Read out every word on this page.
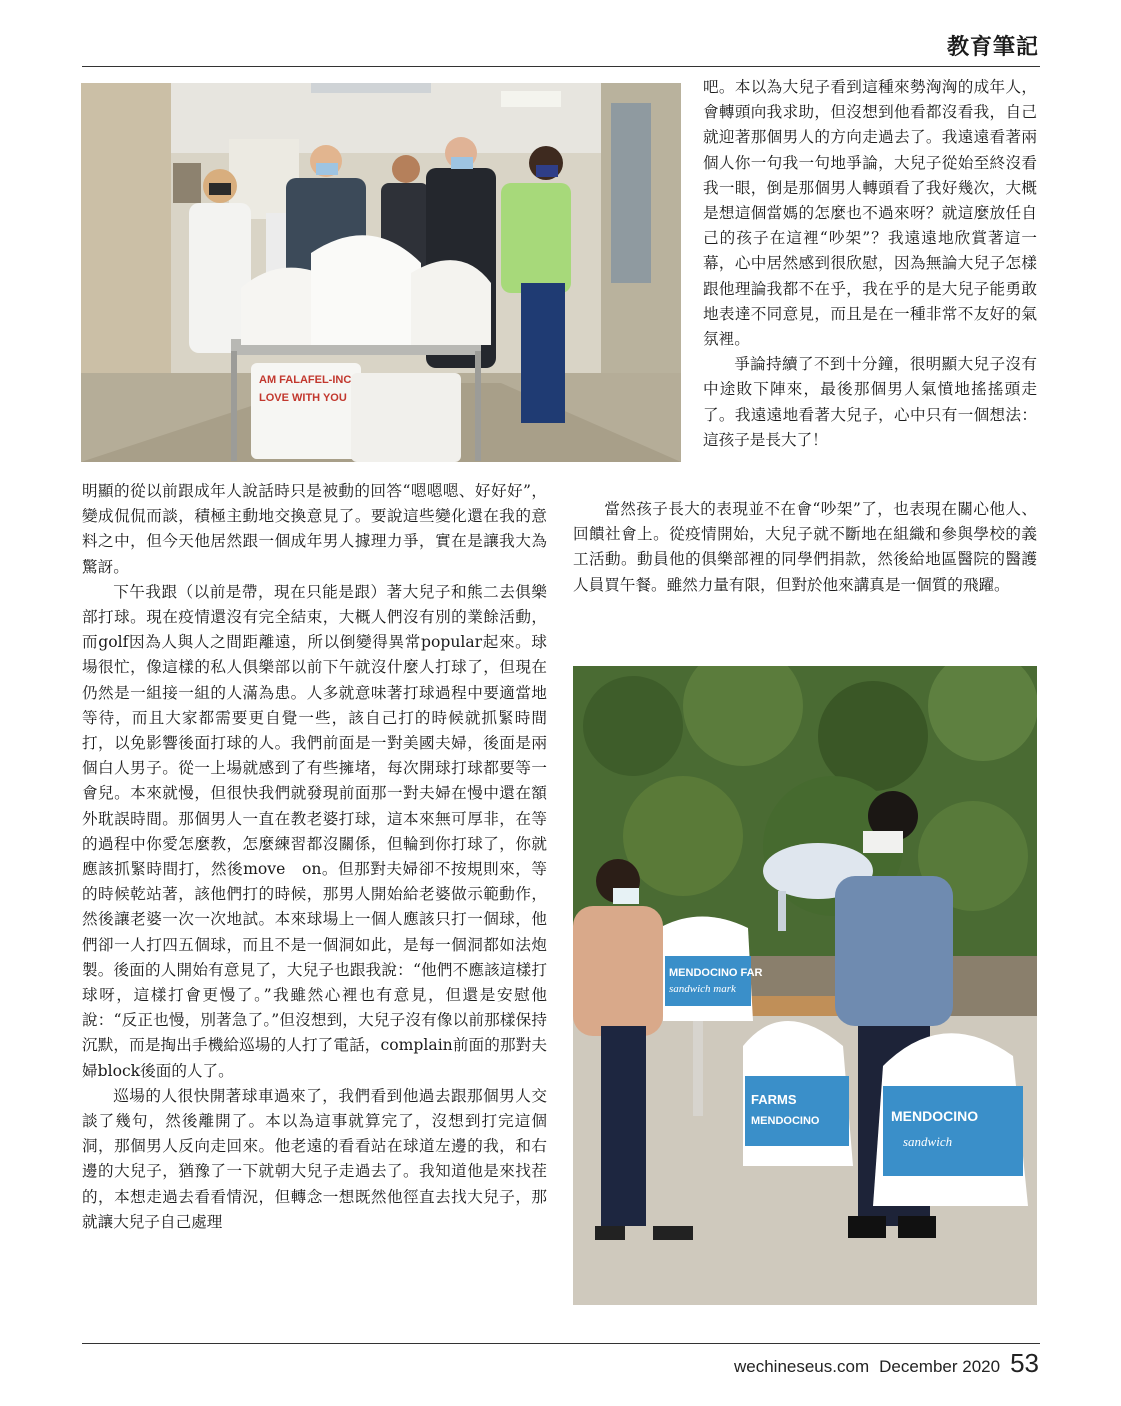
教育筆記
AM FALAFEL-INC
LOVE WITH YOU

吧。本以為大兒子看到這種來勢洶洶的成年人，會轉頭向我求助，但沒想到他看都沒看我，自己就迎著那個男人的方向走過去了。我遠遠看著兩個人你一句我一句地爭論，大兒子從始至終沒看我一眼，倒是那個男人轉頭看了我好幾次，大概是想這個當媽的怎麼也不過來呀？就這麼放任自己的孩子在這裡“吵架”？我遠遠地欣賞著這一幕，心中居然感到很欣慰，因為無論大兒子怎樣跟他理論我都不在乎，我在乎的是大兒子能勇敢地表達不同意見，而且是在一種非常不友好的氣氛裡。

爭論持續了不到十分鐘，很明顯大兒子沒有中途敗下陣來，最後那個男人氣憤地搖搖頭走了。我遠遠地看著大兒子，心中只有一個想法：這孩子是長大了！

當然孩子長大的表現並不在會“吵架”了，也表現在關心他人、回饋社會上。從疫情開始，大兒子就不斷地在組織和參與學校的義工活動。動員他的俱樂部裡的同學們捐款，然後給地區醫院的醫護人員買午餐。雖然力量有限，但對於他來講真是一個質的飛躍。

明顯的從以前跟成年人說話時只是被動的回答“嗯嗯嗯、好好好”，變成侃侃而談，積極主動地交換意見了。要說這些變化還在我的意料之中，但今天他居然跟一個成年男人據理力爭，實在是讓我大為驚訝。

下午我跟（以前是帶，現在只能是跟）著大兒子和熊二去俱樂部打球。現在疫情還沒有完全結束，大概人們沒有別的業餘活動，而golf因為人與人之間距離遠，所以倒變得異常popular起來。球場很忙，像這樣的私人俱樂部以前下午就沒什麼人打球了，但現在仍然是一組接一組的人滿為患。人多就意味著打球過程中要適當地等待，而且大家都需要更自覺一些，該自己打的時候就抓緊時間打，以免影響後面打球的人。我們前面是一對美國夫婦，後面是兩個白人男子。從一上場就感到了有些擁堵，每次開球打球都要等一會兒。本來就慢，但很快我們就發現前面那一對夫婦在慢中還在額外耽誤時間。那個男人一直在教老婆打球，這本來無可厚非，在等的過程中你愛怎麼教，怎麼練習都沒關係，但輪到你打球了，你就應該抓緊時間打，然後move　on。但那對夫婦卻不按規則來，等的時候乾站著，該他們打的時候，那男人開始給老婆做示範動作，然後讓老婆一次一次地試。本來球場上一個人應該只打一個球，他們卻一人打四五個球，而且不是一個洞如此，是每一個洞都如法炮製。後面的人開始有意見了，大兒子也跟我說：“他們不應該這樣打球呀，這樣打會更慢了。”我雖然心裡也有意見，但還是安慰他說：“反正也慢，別著急了。”但沒想到，大兒子沒有像以前那樣保持沉默，而是掏出手機給巡場的人打了電話，complain前面的那對夫婦block後面的人了。

巡場的人很快開著球車過來了，我們看到他過去跟那個男人交談了幾句，然後離開了。本以為這事就算完了，沒想到打完這個洞，那個男人反向走回來。他老遠的看看站在球道左邊的我，和右邊的大兒子，猶豫了一下就朝大兒子走過去了。我知道他是來找茬的，本想走過去看看情況，但轉念一想既然他徑直去找大兒子，那就讓大兒子自己處理

MENDOCINO FAR
sandwich mark
FARMS
MENDOCINO	MENDOCINO
sandwich
wechineseus.com December 2020 53
